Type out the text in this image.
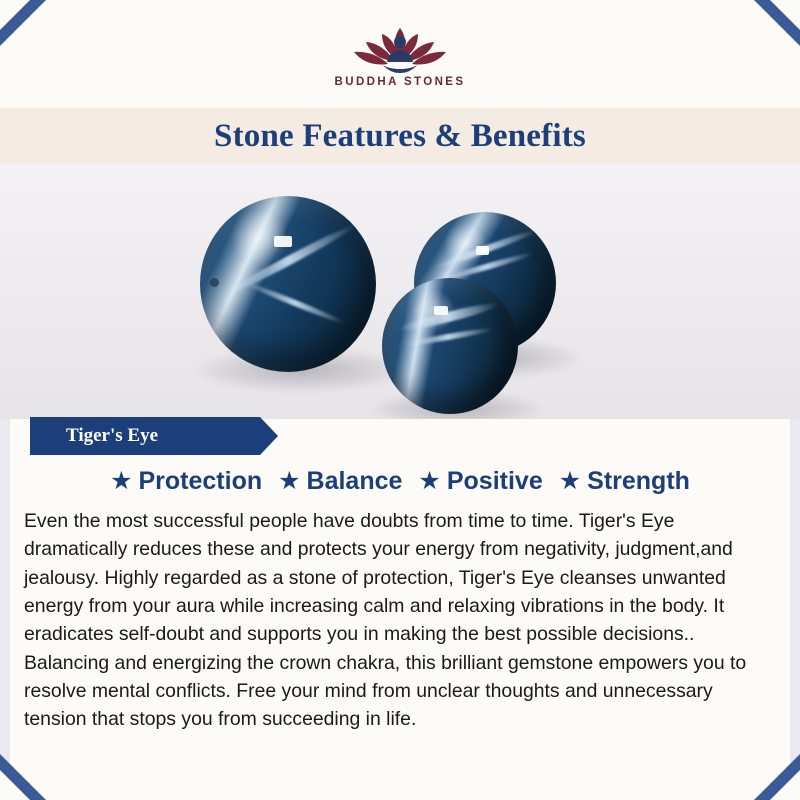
BUDDHA STONES
Stone Features & Benefits
Tiger's Eye
★ Protection ★ Balance ★ Positive ★ Strength
Even the most successful people have doubts from time to time. Tiger's Eye dramatically reduces these and protects your energy from negativity, judgment,and jealousy. Highly regarded as a stone of protection, Tiger's Eye cleanses unwanted energy from your aura while increasing calm and relaxing vibrations in the body. It eradicates self-doubt and supports you in making the best possible decisions.. Balancing and energizing the crown chakra, this brilliant gemstone empowers you to resolve mental conflicts. Free your mind from unclear thoughts and unnecessary tension that stops you from succeeding in life.
